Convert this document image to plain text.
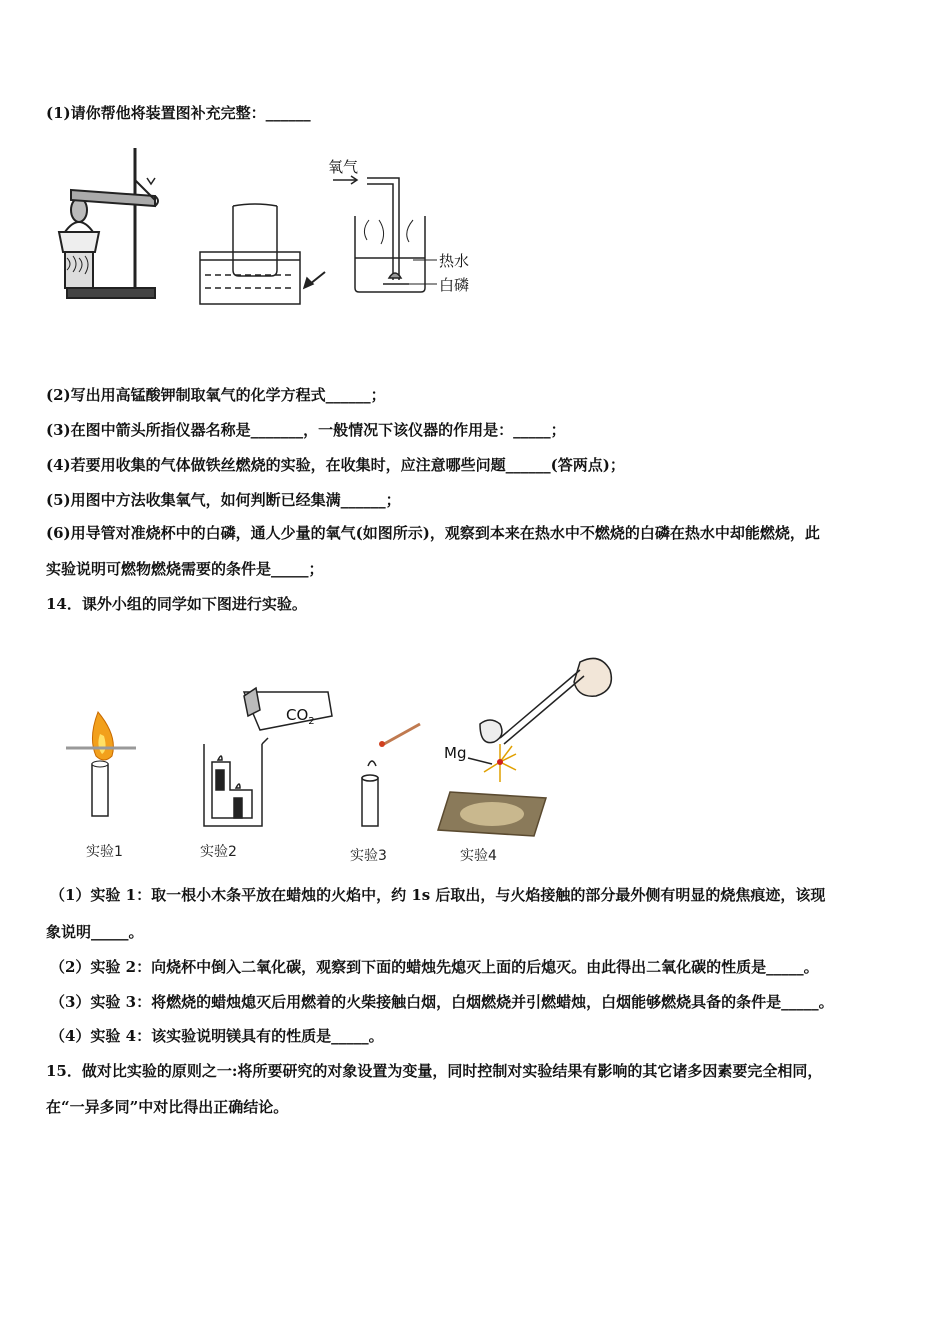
(1)请你帮他将装置图补充完整：______
氧气
热水
白磷
(2)写出用高锰酸钾制取氧气的化学方程式______；
(3)在图中箭头所指仪器名称是_______，一般情况下该仪器的作用是：_____；
(4)若要用收集的气体做铁丝燃烧的实验，在收集时，应注意哪些问题______(答两点)；
(5)用图中方法收集氧气，如何判断已经集满______；
(6)用导管对准烧杯中的白磷，通人少量的氧气(如图所示)，观察到本来在热水中不燃烧的白磷在热水中却能燃烧，此
实验说明可燃物燃烧需要的条件是_____；
14．课外小组的同学如下图进行实验。
实验1
$CO_2$
实验2	实验3
Mg
实验4
（1）实验 1：取一根小木条平放在蜡烛的火焰中，约 1s 后取出，与火焰接触的部分最外侧有明显的烧焦痕迹，该现
象说明_____。
（2）实验 2：向烧杯中倒入二氧化碳，观察到下面的蜡烛先熄灭上面的后熄灭。由此得出二氧化碳的性质是_____。
（3）实验 3：将燃烧的蜡烛熄灭后用燃着的火柴接触白烟，白烟燃烧并引燃蜡烛，白烟能够燃烧具备的条件是_____。
（4）实验 4：该实验说明镁具有的性质是_____。
15．做对比实验的原则之一:将所要研究的对象设置为变量，同时控制对实验结果有影响的其它诸多因素要完全相同，
在“一异多同”中对比得出正确结论。
